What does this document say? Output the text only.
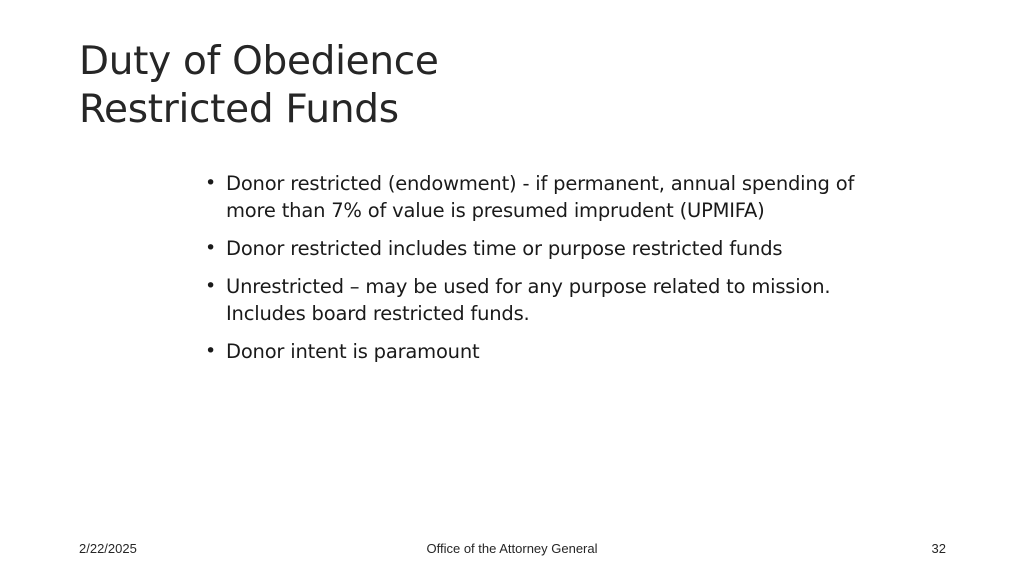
Duty of Obedience
Restricted Funds
• Donor restricted (endowment) - if permanent, annual spending of more than 7% of value is presumed imprudent (UPMIFA)
• Donor restricted includes time or purpose restricted funds
• Unrestricted – may be used for any purpose related to mission. Includes board restricted funds.
• Donor intent is paramount
2/22/2025	Office of the Attorney General	32
